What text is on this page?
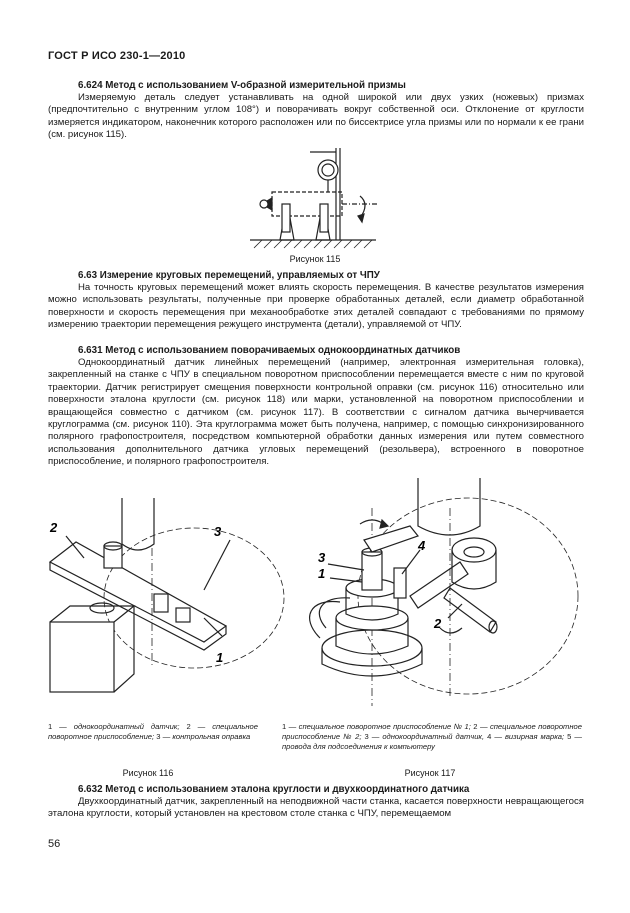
ГОСТ Р ИСО 230-1—2010
6.624 Метод с использованием V-образной измерительной призмы

Измеряемую деталь следует устанавливать на одной широкой или двух узких (ножевых) призмах (предпочтительно с внутренним углом 108°) и поворачивать вокруг собственной оси. Отклонение от круглости измеряется индикатором, наконечник которого расположен или по биссектрисе угла призмы или по нормали к ее грани (см. рисунок 115).

Рисунок 115
6.63 Измерение круговых перемещений, управляемых от ЧПУ

На точность круговых перемещений может влиять скорость перемещения. В качестве результатов измерения можно использовать результаты, полученные при проверке обработанных деталей, если диаметр обработанной поверхности и скорость перемещения при механообработке этих деталей совпадают с требованиями по прямому измерению траектории перемещения режущего инструмента (детали), управляемой от ЧПУ.

6.631 Метод с использованием поворачиваемых однокоординатных датчиков

Однокоординатный датчик линейных перемещений (например, электронная измерительная головка), закрепленный на станке с ЧПУ в специальном поворотном приспособлении перемещается вместе с ним по круговой траектории. Датчик регистрирует смещения поверхности контрольной оправки (см. рисунок 116) относительно или поверхности эталона круглости (см. рисунок 118) или марки, установленной на поворотном приспособлении и вращающейся совместно с датчиком (см. рисунок 117). В соответствии с сигналом датчика вычерчивается круглограмма (см. рисунок 110). Эта круглограмма может быть получена, например, с помощью синхронизированного полярного графопостроителя, посредством компьютерной обработки данных измерения или путем совместного использования дополнительного датчика угловых перемещений (резольвера), встроенного в поворотное приспособление, и полярного графопостроителя.

2	3
1
1 — однокоординатный датчик; 2 — специальное поворотное приспособление; 3 — контрольная оправка
Рисунок 116
3
1
4
2
1 — специальное поворотное приспособление № 1; 2 — специальное поворотное приспособление № 2; 3 — однокоординатный датчик, 4 — визирная марка; 5 — провода для подсоединения к компьютеру
Рисунок 117
6.632 Метод с использованием эталона круглости и двухкоординатного датчика

Двухкоординатный датчик, закрепленный на неподвижной части станка, касается поверхности невращающегося эталона круглости, который установлен на крестовом столе станка с ЧПУ, перемещаемом

56
